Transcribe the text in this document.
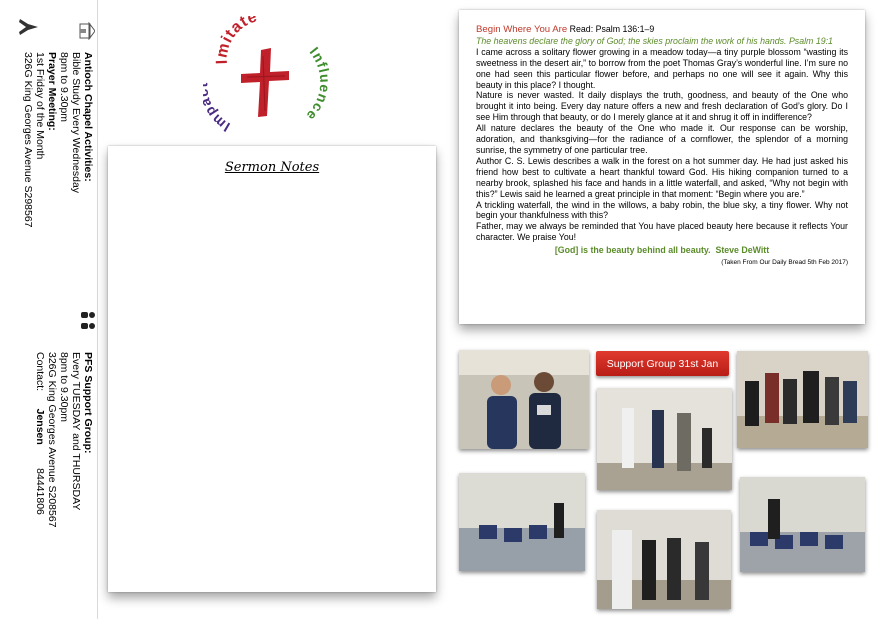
Antioch Chapel Activities:
Bible Study Every Wednesday
8pm to 9.30pm
Prayer Meeting:
1st Friday of the Month
326G King Georges Avenue S298567
PFS Support Group:
Every TUESDAY and THURSDAY
8pm to 9.30pm
326G King Georges Avenue S208567
Contact:      Jensen        84441806
Imitate
In ce
Im
Sermon Notes

Begin Where You Are Read: Psalm 136:1–9

The heavens declare the glory of God; the skies proclaim the work of his hands. Psalm 19:1

I came across a solitary flower growing in a meadow today—a tiny purple blossom “wasting its sweetness in the desert air,” to borrow from the poet Thomas Gray’s wonderful line. I’m sure no one had seen this particular flower before, and perhaps no one will see it again. Why this beauty in this place? I thought.

Nature is never wasted. It daily displays the truth, goodness, and beauty of the One who brought it into being. Every day nature offers a new and fresh declaration of God’s glory. Do I see Him through that beauty, or do I merely glance at it and shrug it off in indifference?

All nature declares the beauty of the One who made it. Our response can be worship, adoration, and thanksgiving—for the radiance of a cornflower, the splendor of a morning sunrise, the symmetry of one particular tree.

Author C. S. Lewis describes a walk in the forest on a hot summer day. He had just asked his friend how best to cultivate a heart thankful toward God. His hiking companion turned to a nearby brook, splashed his face and hands in a little waterfall, and asked, “Why not begin with this?” Lewis said he learned a great principle in that moment: “Begin where you are.”

A trickling waterfall, the wind in the willows, a baby robin, the blue sky, a tiny flower. Why not begin your thankfulness with this?

Father, may we always be reminded that You have placed beauty here because it reflects Your character. We praise You!

[God] is the beauty behind all beauty. Steve DeWitt

(Taken From Our Daily Bread 5th Feb 2017)

Support Group 31st Jan
